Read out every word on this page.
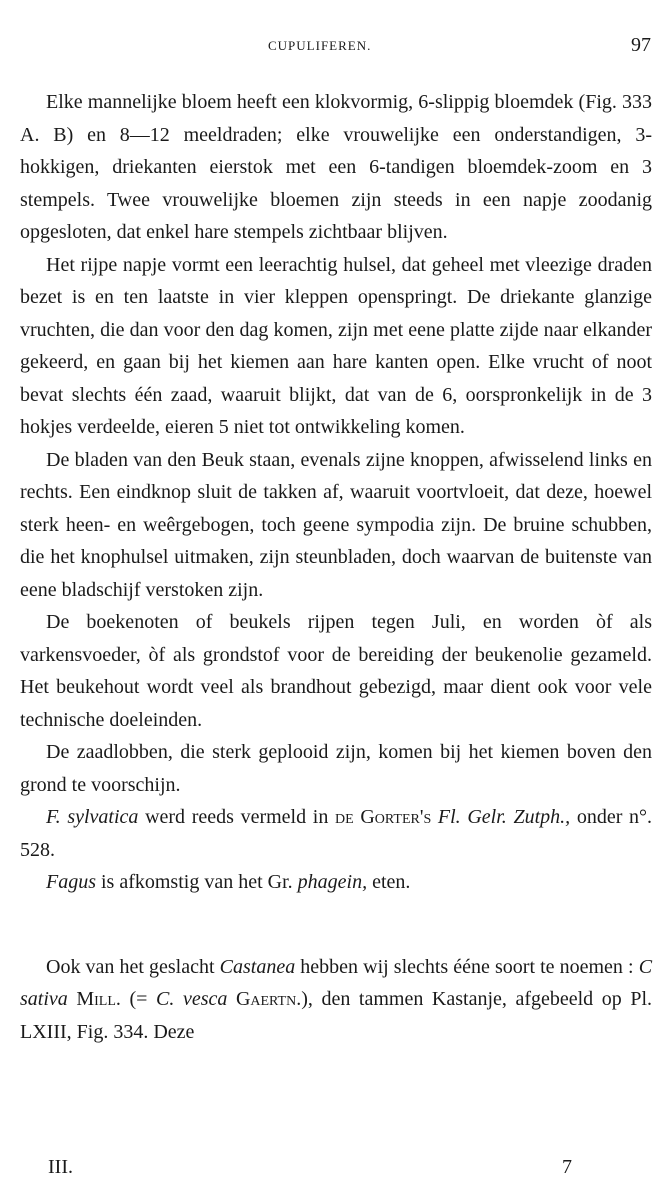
CUPULIFEREN.	97

Elke mannelijke bloem heeft een klokvormig, 6-slippig bloemdek (Fig. 333 A. B) en 8—12 meeldraden; elke vrouwelijke een onderstandigen, 3-hokkigen, driekanten eierstok met een 6-tandigen bloemdek-zoom en 3 stempels. Twee vrouwelijke bloemen zijn steeds in een napje zoodanig opgesloten, dat enkel hare stempels zichtbaar blijven.

Het rijpe napje vormt een leerachtig hulsel, dat geheel met vleezige draden bezet is en ten laatste in vier kleppen openspringt. De driekante glanzige vruchten, die dan voor den dag komen, zijn met eene platte zijde naar elkander gekeerd, en gaan bij het kiemen aan hare kanten open. Elke vrucht of noot bevat slechts één zaad, waaruit blijkt, dat van de 6, oorspronkelijk in de 3 hokjes verdeelde, eieren 5 niet tot ontwikkeling komen.

De bladen van den Beuk staan, evenals zijne knoppen, afwisselend links en rechts. Een eindknop sluit de takken af, waaruit voortvloeit, dat deze, hoewel sterk heen- en weêrgebogen, toch geene sympodia zijn. De bruine schubben, die het knophulsel uitmaken, zijn steunbladen, doch waarvan de buitenste van eene bladschijf verstoken zijn.

De boekenoten of beukels rijpen tegen Juli, en worden òf als varkensvoeder, òf als grondstof voor de bereiding der beukenolie gezameld. Het beukehout wordt veel als brandhout gebezigd, maar dient ook voor vele technische doeleinden.

De zaadlobben, die sterk geplooid zijn, komen bij het kiemen boven den grond te voorschijn.

F. sylvatica werd reeds vermeld in de Gorter's Fl. Gelr. Zutph., onder n°. 528.

Fagus is afkomstig van het Gr. phagein, eten.

Ook van het geslacht Castanea hebben wij slechts ééne soort te noemen : C sativa Mill. (= C. vesca Gaertn.), den tammen Kastanje, afgebeeld op Pl. LXIII, Fig. 334. Deze

III.	7
